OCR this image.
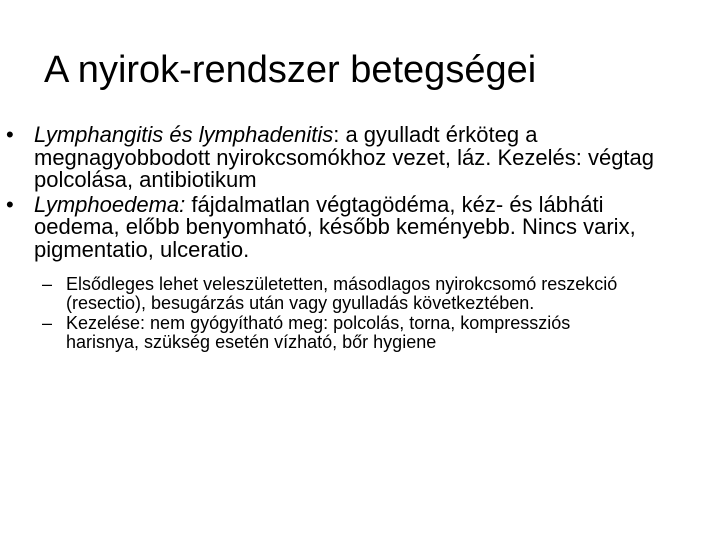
A nyirok-rendszer betegségei
• Lymphangitis és lymphadenitis: a gyulladt érköteg a megnagyobbodott nyirokcsomókhoz vezet, láz. Kezelés: végtag polcolása, antibiotikum
• Lymphoedema: fájdalmatlan végtagödéma, kéz- és lábháti oedema, előbb benyomható, később keményebb. Nincs varix, pigmentatio, ulceratio.
– Elsődleges lehet veleszületetten, másodlagos nyirokcsomó reszekció (resectio), besugárzás után vagy gyulladás következtében.
– Kezelése: nem gyógyítható meg: polcolás, torna, kompressziós harisnya, szükség esetén vízható, bőr hygiene
